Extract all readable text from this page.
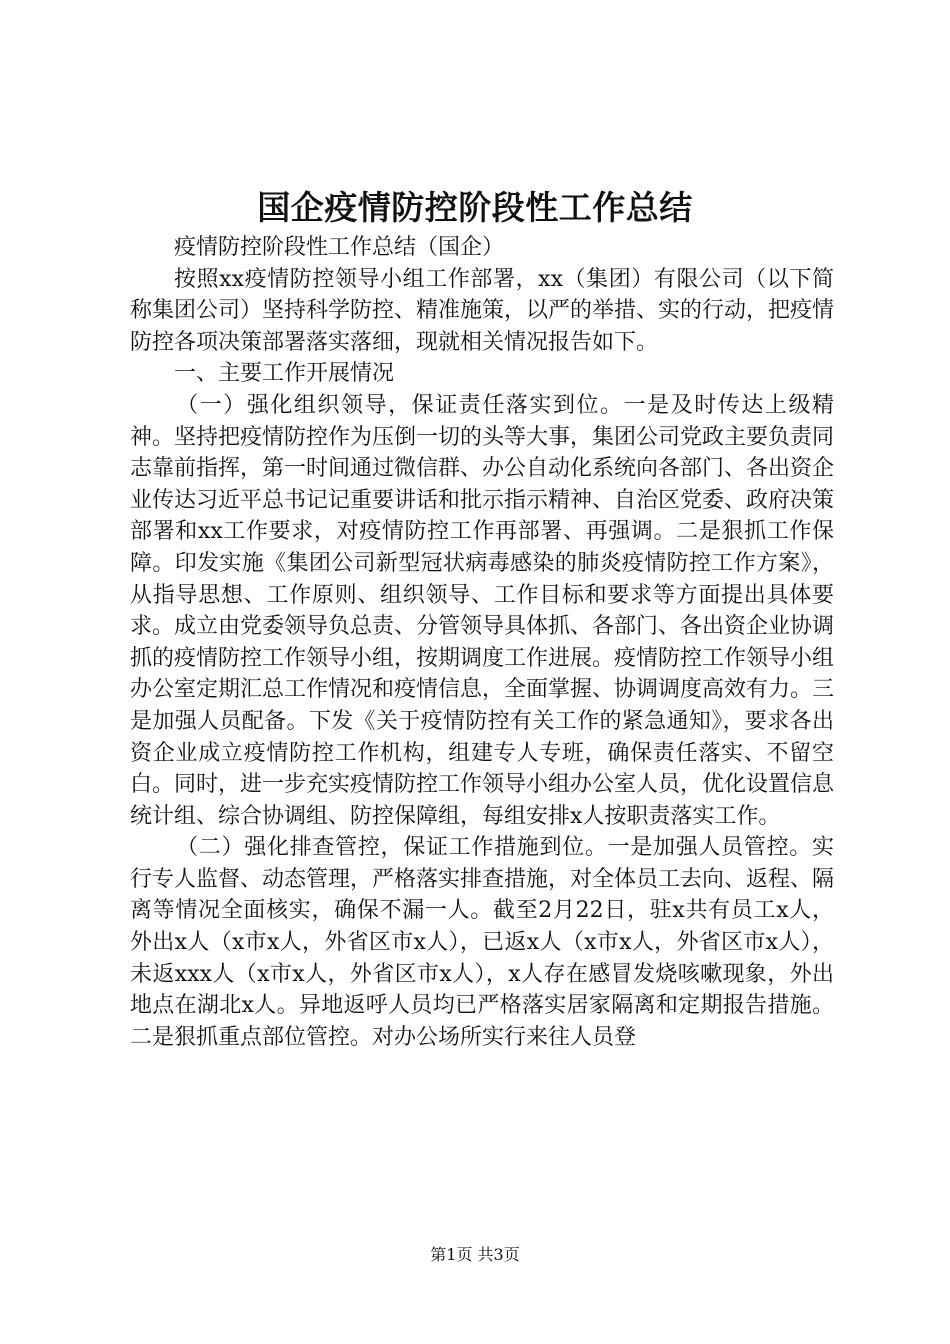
国企疫情防控阶段性工作总结

疫情防控阶段性工作总结（国企）

按照xx疫情防控领导小组工作部署，xx（集团）有限公司（以下简称集团公司）坚持科学防控、精准施策，以严的举措、实的行动，把疫情防控各项决策部署落实落细，现就相关情况报告如下。

一、主要工作开展情况

（一）强化组织领导，保证责任落实到位。一是及时传达上级精神。坚持把疫情防控作为压倒一切的头等大事，集团公司党政主要负责同志靠前指挥，第一时间通过微信群、办公自动化系统向各部门、各出资企业传达习近平总书记记重要讲话和批示指示精神、自治区党委、政府决策部署和xx工作要求，对疫情防控工作再部署、再强调。二是狠抓工作保障。印发实施《集团公司新型冠状病毒感染的肺炎疫情防控工作方案》，从指导思想、工作原则、组织领导、工作目标和要求等方面提出具体要求。成立由党委领导负总责、分管领导具体抓、各部门、各出资企业协调抓的疫情防控工作领导小组，按期调度工作进展。疫情防控工作领导小组办公室定期汇总工作情况和疫情信息，全面掌握、协调调度高效有力。三是加强人员配备。下发《关于疫情防控有关工作的紧急通知》，要求各出资企业成立疫情防控工作机构，组建专人专班，确保责任落实、不留空白。同时，进一步充实疫情防控工作领导小组办公室人员，优化设置信息统计组、综合协调组、防控保障组，每组安排x人按职责落实工作。

（二）强化排查管控，保证工作措施到位。一是加强人员管控。实行专人监督、动态管理，严格落实排查措施，对全体员工去向、返程、隔离等情况全面核实，确保不漏一人。截至2月22日，驻x共有员工x人，外出x人（x市x人，外省区市x人），已返x人（x市x人，外省区市x人），未返xxx人（x市x人，外省区市x人），x人存在感冒发烧咳嗽现象，外出地点在湖北x人。异地返呼人员均已严格落实居家隔离和定期报告措施。二是狠抓重点部位管控。对办公场所实行来往人员登

第1页 共3页
